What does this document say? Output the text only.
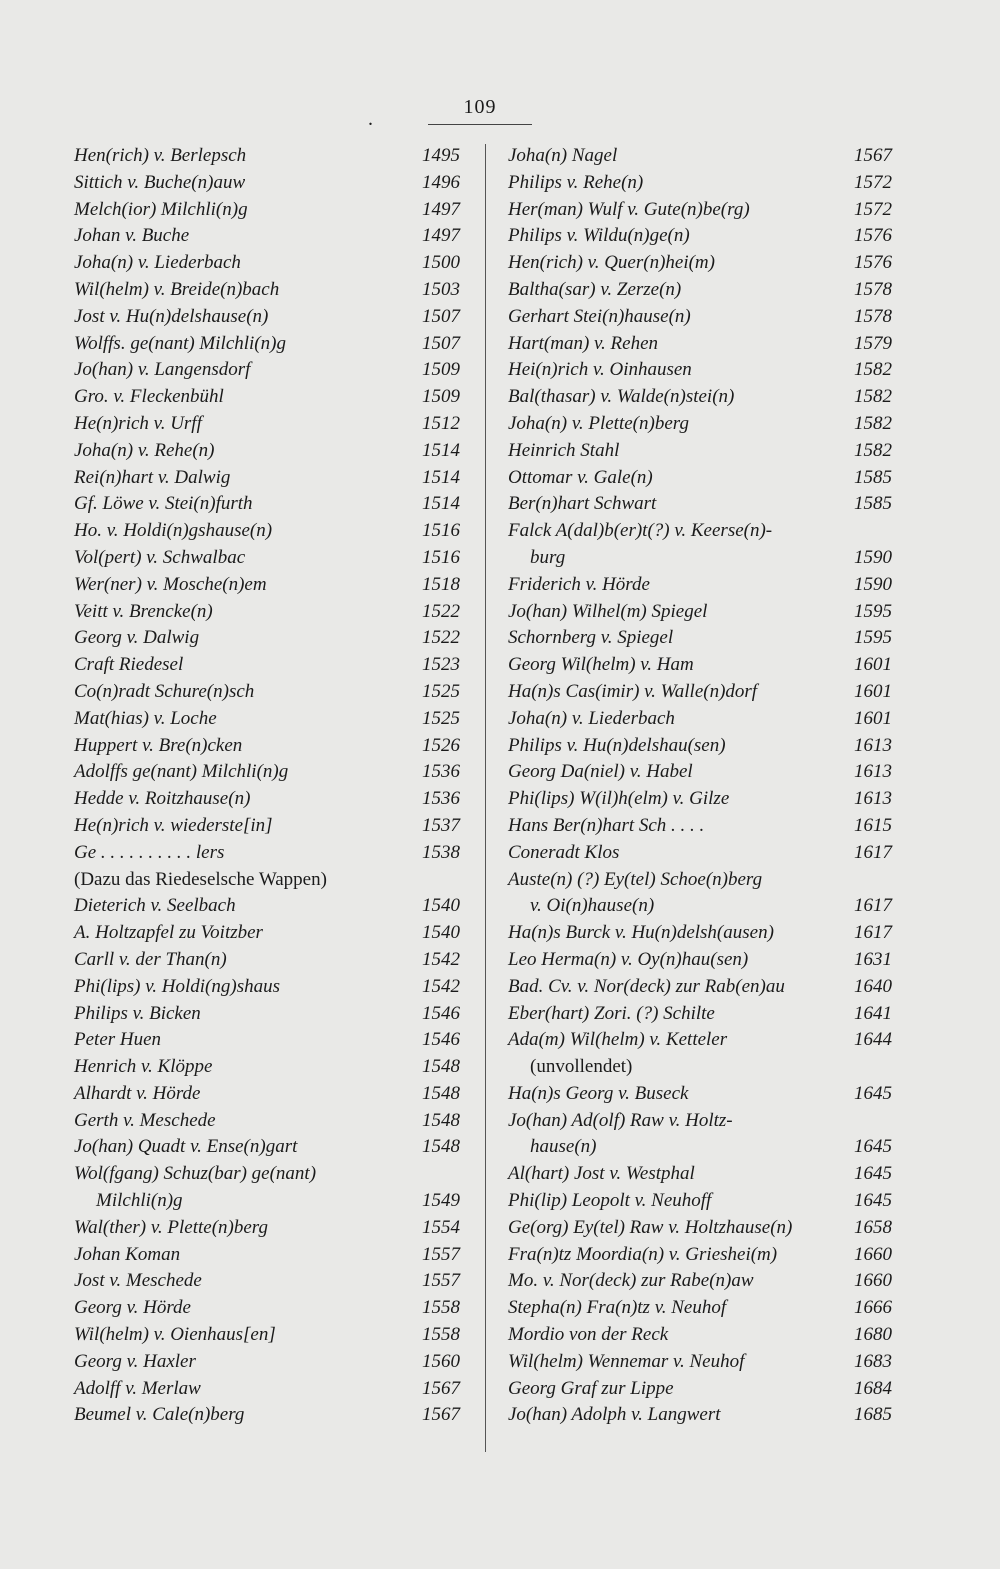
.
109
Hen(rich) v. Berlepsch	1495
Sittich v. Buche(n)auw	1496
Melch(ior) Milchli(n)g	1497
Johan v. Buche	1497
Joha(n) v. Liederbach	1500
Wil(helm) v. Breide(n)bach	1503
Jost v. Hu(n)delshause(n)	1507
Wolffs. ge(nant) Milchli(n)g	1507
Jo(han) v. Langensdorf	1509
Gro. v. Fleckenbühl	1509
He(n)rich v. Urff	1512
Joha(n) v. Rehe(n)	1514
Rei(n)hart v. Dalwig	1514
Gf. Löwe v. Stei(n)furth	1514
Ho. v. Holdi(n)gshause(n)	1516
Vol(pert) v. Schwalbac	1516
Wer(ner) v. Mosche(n)em	1518
Veitt v. Brencke(n)	1522
Georg v. Dalwig	1522
Craft Riedesel	1523
Co(n)radt Schure(n)sch	1525
Mat(hias) v. Loche	1525
Huppert v. Bre(n)cken	1526
Adolffs ge(nant) Milchli(n)g	1536
Hedde v. Roitzhause(n)	1536
He(n)rich v. wiederste[in]	1537
Ge . . . . . . . . . . lers	1538
(Dazu das Riedeselsche Wappen)
Dieterich v. Seelbach	1540
A. Holtzapfel zu Voitzber	1540
Carll v. der Than(n)	1542
Phi(lips) v. Holdi(ng)shaus	1542
Philips v. Bicken	1546
Peter Huen	1546
Henrich v. Klöppe	1548
Alhardt v. Hörde	1548
Gerth v. Meschede	1548
Jo(han) Quadt v. Ense(n)gart	1548
Wol(fgang) Schuz(bar) ge(nant)
Milchli(n)g	1549
Wal(ther) v. Plette(n)berg	1554
Johan Koman	1557
Jost v. Meschede	1557
Georg v. Hörde	1558
Wil(helm) v. Oienhaus[en]	1558
Georg v. Haxler	1560
Adolff v. Merlaw	1567
Beumel v. Cale(n)berg	1567
Joha(n) Nagel	1567
Philips v. Rehe(n)	1572
Her(man) Wulf v. Gute(n)be(rg)	1572
Philips v. Wildu(n)ge(n)	1576
Hen(rich) v. Quer(n)hei(m)	1576
Baltha(sar) v. Zerze(n)	1578
Gerhart Stei(n)hause(n)	1578
Hart(man) v. Rehen	1579
Hei(n)rich v. Oinhausen	1582
Bal(thasar) v. Walde(n)stei(n)	1582
Joha(n) v. Plette(n)berg	1582
Heinrich Stahl	1582
Ottomar v. Gale(n)	1585
Ber(n)hart Schwart	1585
Falck A(dal)b(er)t(?) v. Keerse(n)-
burg	1590
Friderich v. Hörde	1590
Jo(han) Wilhel(m) Spiegel	1595
Schornberg v. Spiegel	1595
Georg Wil(helm) v. Ham	1601
Ha(n)s Cas(imir) v. Walle(n)dorf	1601
Joha(n) v. Liederbach	1601
Philips v. Hu(n)delshau(sen)	1613
Georg Da(niel) v. Habel	1613
Phi(lips) W(il)h(elm) v. Gilze	1613
Hans Ber(n)hart Sch . . . .	1615
Coneradt Klos	1617
Auste(n) (?) Ey(tel) Schoe(n)berg
v. Oi(n)hause(n)	1617
Ha(n)s Burck v. Hu(n)delsh(ausen)	1617
Leo Herma(n) v. Oy(n)hau(sen)	1631
Bad. Cv. v. Nor(deck) zur Rab(en)au	1640
Eber(hart) Zori. (?) Schilte	1641
Ada(m) Wil(helm) v. Ketteler	1644
(unvollendet)
Ha(n)s Georg v. Buseck	1645
Jo(han) Ad(olf) Raw v. Holtz-
hause(n)	1645
Al(hart) Jost v. Westphal	1645
Phi(lip) Leopolt v. Neuhoff	1645
Ge(org) Ey(tel) Raw v. Holtzhause(n)	1658
Fra(n)tz Moordia(n) v. Grieshei(m)	1660
Mo. v. Nor(deck) zur Rabe(n)aw	1660
Stepha(n) Fra(n)tz v. Neuhof	1666
Mordio von der Reck	1680
Wil(helm) Wennemar v. Neuhof	1683
Georg Graf zur Lippe	1684
Jo(han) Adolph v. Langwert	1685
